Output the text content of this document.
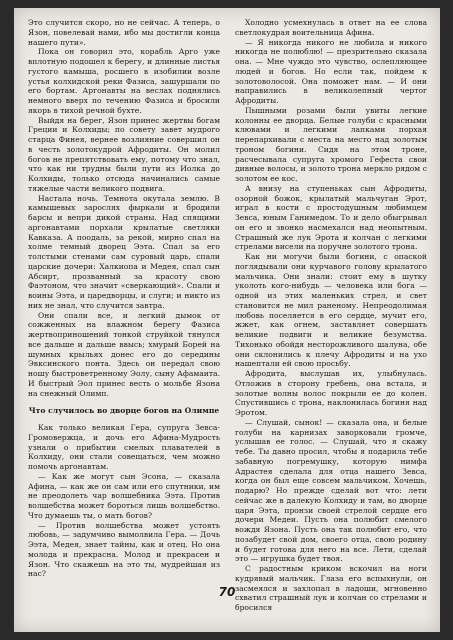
Это случится скоро, но не сейчас. А теперь, о Язон, повелевай нами, ибо мы достигли конца нашего пути».

Пока он говорил это, корабль Арго уже вплотную подошел к берегу, и длинные листья густого камыша, росшего в изобилии возле устья колхидской реки Фазиса, зашуршали по его бортам. Аргонавты на веслах поднялись немного вверх по течению Фазиса и бросили якорь в тихой речной бухте.

Выйдя на берег, Язон принес жертвы богам Греции и Колхиды; по совету завет мудрого старца Финея, вернее возлияние совершил он в честь золотокудрой Афродиты. Он молил богов не препятствовать ему, потому что знал, что как ни трудны были пути из Иолка до Колхиды, только отсюда начинались самые тяжелые части великого подвига.

Настала ночь. Темнота окутала землю. В камышевых зарослях фыркали и бродили барсы и вепри дикой страны. Над спящими аргонавтами порхали крылатые светляки Кавказа. А поодаль, за рекой, мирно спал на холме темный дворец Ээта. Спал за его толстыми стенами сам суровый царь, спали царские дочери: Халкиопа и Медея, спал сын Абсирт, прозванный за красоту свою Фаэтоном, что значит «сверкающий». Спали и воины Ээта, и царедворцы, и слуги; и никто из них не знал, что случится завтра.

Они спали все, и легкий дымок от сожженных на влажном берегу Фазиса жертвоприношений тонкой струйкой тянулся все дальше и дальше ввысь; хмурый Борей на шумных крыльях донес его до середины Эвксинского понта. Здесь он передал свою ношу быстроветренному Эолу, сыну Афамаита. И быстрый Эол принес весть о мольбе Язона на снежный Олимп.

Что случилось во дворце богов на Олимпе

Как только великая Гера, супруга Зевса-Громовержца, и дочь его Афина-Мудрость узнали о прибытии смелых плавателей в Колхиду, они стали совещаться, чем можно помочь аргонавтам.

— Как же могут сын Эсона, — сказала Афина, — как же он сам или его спутники, им не преодолеть чар волшебника Ээта. Против волшебства может бороться лишь волшебство. Что думаешь ты, о мать богов?

— Против волшебства может устоять любовь, — задумчиво вымолвила Гера. — Дочь Ээта, Медея, знает тайны, как и отец. Но она молода и прекрасна. Молод и прекрасен и Язон. Что скажешь на это ты, мудрейшая из нас?

Холодно усмехнулась в ответ на ее слова светлокудрая воительница Афина.

— Я никогда никого не любила и никого никогда не полюблю! — презрительно сказала она. — Мне чуждо это чувство, ослепляющее людей и богов. Но если так, пойдем к золотоволосой. Она поможет нам. — И они направились в великолепный чертог Афродиты.

Пышными розами были увиты легкие колонны ее дворца. Белые голуби с красными клювами и легкими лапками порхая перепархивали с места на место над золотым троном богини. Сидя на этом троне, расчесывала супруга хромого Гефеста свои дивные волосы, и золото трона меркло рядом с золотом ее кос.

А внизу на ступеньках сын Афродиты, озорной божок, крылатый мальчуган Эрот, играл в кости с простодушным любимцем Зевса, юным Ганимедом. То и дело обыгрывал он его и звонко насмехался над неопытным. Страшный же лук Эрота и колчан с легкими стрелами висели на поручне золотого трона.

Как ни могучи были богини, с опаской поглядывали они курчавого голову крылатого мальчика. Они знали: стоит ему в шутку уколоть кого-нибудь — человека или бога — одной из этих маленьких стрел, и свет становится не мил раненому. Непреодолимая любовь поселяется в его сердце, мучит его, жжет, как огнем, заставляет совершать великие подвиги и великие безумства. Тихонько обойдя несторожливого шалуна, обе они склонились к плечу Афродиты и на ухо нашептали ей свою просьбу.

Афродита, выслушав их, улыбнулась. Отложив в сторону гребень, она встала, и золотые волны волос покрыли ее до колен. Спустившись с трона, наклонилась богиня над Эротом.

— Слушай, сынок! — сказала она, и белые голуби на карнизах заворковали громче, услышав ее голос. — Слушай, что я скажу тебе. Ты давно просил, чтобы я подарила тебе забавную погремушку, которую нимфа Адрастея сделала для отца нашего Зевса, когда он был еще совсем мальчиком. Хочешь, подарю? Но прежде сделай вот что: лети сейчас же в далекую Колхиду и там, во дворце царя Ээта, пронзи своей стрелой сердце его дочери Медеи. Пусть она полюбит смелого вождя Язона. Пусть она так полюбит его, что позабудет свой дом, своего отца, свою родину и будет готова для него на все. Лети, сделай это — игрушка будет твоя.

С радостным криком вскочил на ноги кудрявый мальчик. Глаза его вспыхнули, он засмеялся и захлопал в ладоши, мгновенно схватил страшный лук и колчан со стрелами и бросился

70
